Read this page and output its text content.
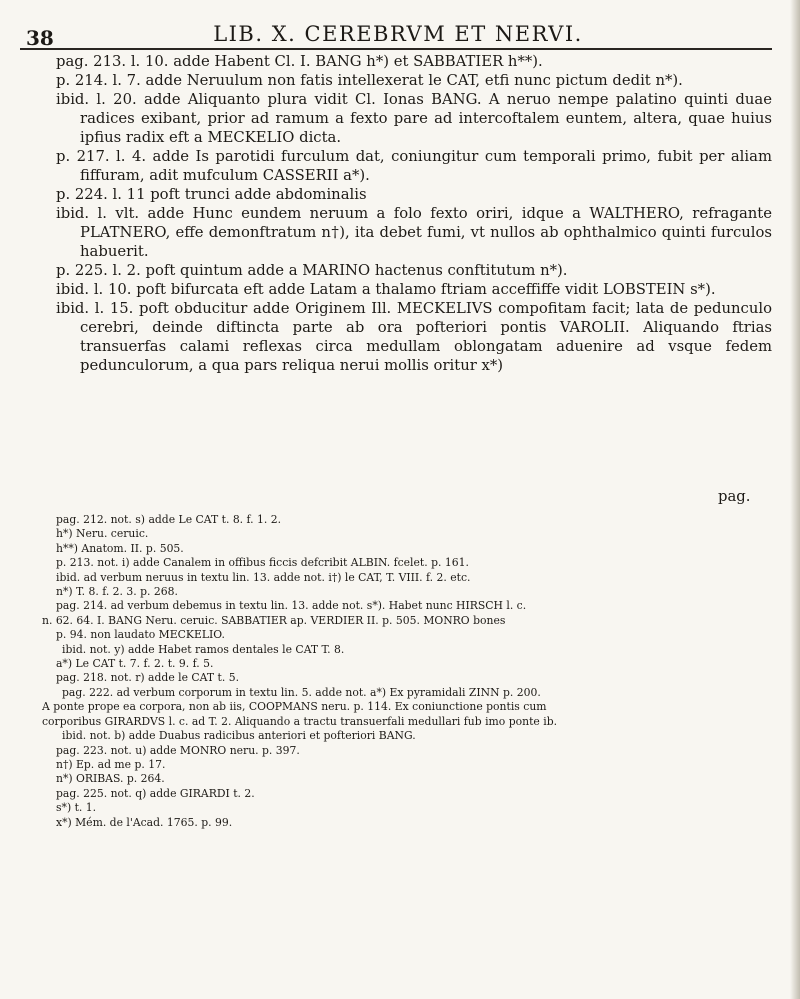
38	LIB. X. CEREBRVM ET NERVI.

pag. 213. l. 10. adde Habent Cl. I. BANG h*) et SABBATIER h**).

p. 214. l. 7. adde Neruulum non fatis intellexerat le CAT, etfi nunc pictum dedit n*).

ibid. l. 20. adde Aliquanto plura vidit Cl. Ionas BANG. A neruo nempe palatino quinti duae radices exibant, prior ad ramum a fexto pare ad intercoftalem euntem, altera, quae huius ipfius radix eft a MECKELIO dicta.

p. 217. l. 4. adde Is parotidi furculum dat, coniungitur cum temporali primo, fubit per aliam fiffuram, adit mufculum CASSERII a*).

p. 224. l. 11 poft trunci adde abdominalis

ibid. l. vlt. adde Hunc eundem neruum a folo fexto oriri, idque a WALTHERO, refragante PLATNERO, effe demonftratum n†), ita debet fumi, vt nullos ab ophthalmico quinti furculos habuerit.

p. 225. l. 2. poft quintum adde a MARINO hactenus conftitutum n*).

ibid. l. 10. poft bifurcata eft adde Latam a thalamo ftriam acceffiffe vidit LOBSTEIN s*).

ibid. l. 15. poft obducitur adde Originem Ill. MECKELIVS compofitam facit; lata de pedunculo cerebri, deinde diftincta parte ab ora pofteriori pontis VAROLII. Aliquando ftrias transuerfas calami reflexas circa medullam oblongatam aduenire ad vsque fedem pedunculorum, a qua pars reliqua nerui mollis oritur x*)

pag.

pag. 212. not. s) adde Le CAT t. 8. f. 1. 2.

h*) Neru. ceruic.

h**) Anatom. II. p. 505.

p. 213. not. i) adde Canalem in offibus ficcis defcribit ALBIN. fcelet. p. 161.

ibid. ad verbum neruus in textu lin. 13. adde not. i†) le CAT, T. VIII. f. 2. etc.

n*) T. 8. f. 2. 3. p. 268.

pag. 214. ad verbum debemus in textu lin. 13. adde not. s*). Habet nunc HIRSCH l. c.

n. 62. 64. I. BANG Neru. ceruic. SABBATIER ap. VERDIER II. p. 505. MONRO bones

p. 94. non laudato MECKELIO.

ibid. not. y) adde Habet ramos dentales le CAT T. 8.

a*) Le CAT t. 7. f. 2. t. 9. f. 5.

pag. 218. not. r) adde le CAT t. 5.

pag. 222. ad verbum corporum in textu lin. 5. adde not. a*) Ex pyramidali ZINN p. 200.

A ponte prope ea corpora, non ab iis, COOPMANS neru. p. 114. Ex coniunctione pontis cum

corporibus GIRARDVS l. c. ad T. 2. Aliquando a tractu transuerfali medullari fub imo ponte ib.

ibid. not. b) adde Duabus radicibus anteriori et pofteriori BANG.

pag. 223. not. u) adde MONRO neru. p. 397.

n†) Ep. ad me p. 17.

n*) ORIBAS. p. 264.

pag. 225. not. q) adde GIRARDI t. 2.

s*) t. 1.

x*) Mém. de l'Acad. 1765. p. 99.
